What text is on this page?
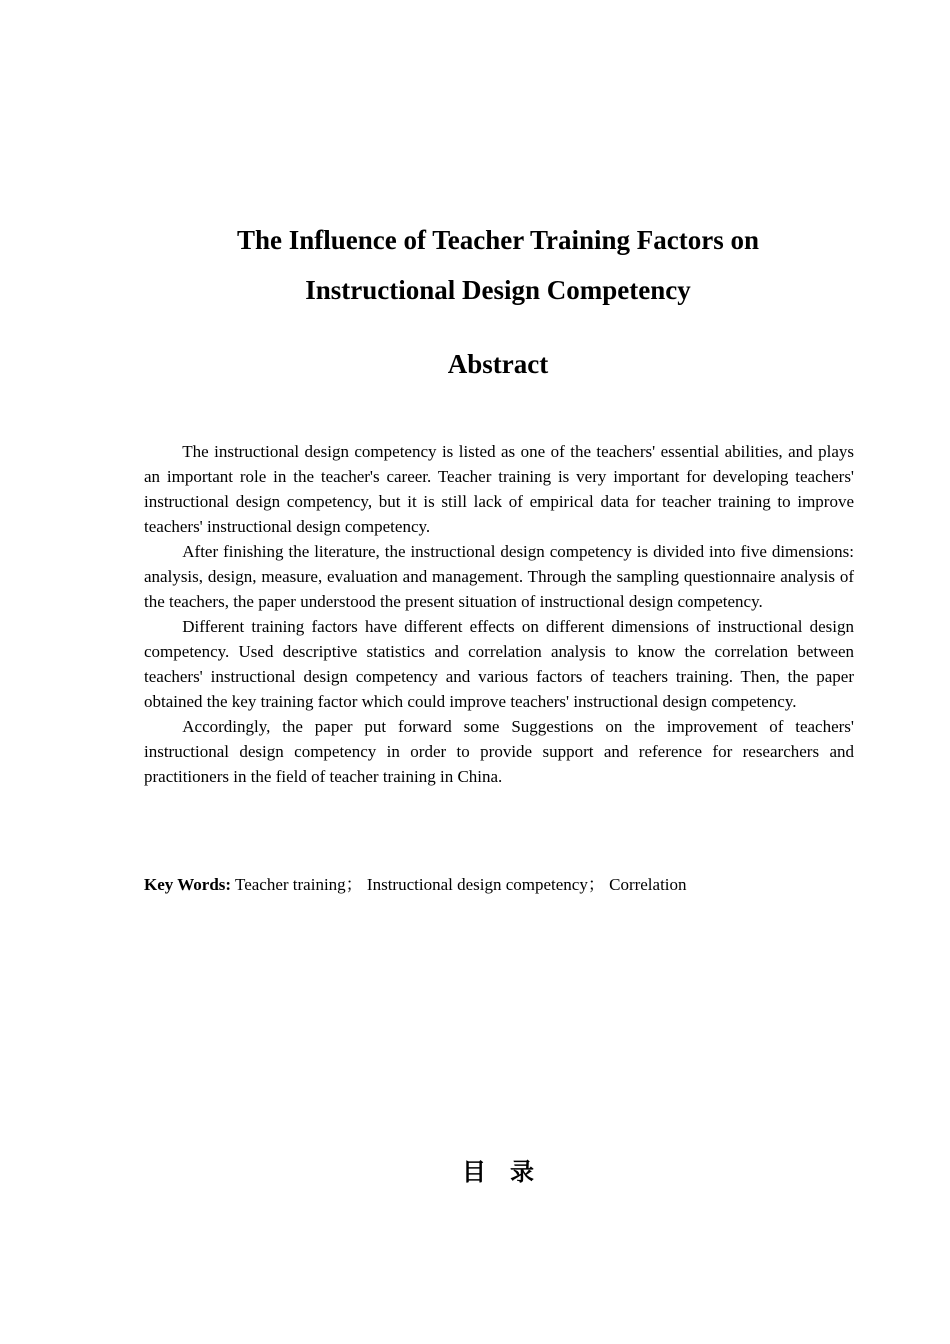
The Influence of Teacher Training Factors on
Instructional Design Competency
Abstract

The instructional design competency is listed as one of the teachers' essential abilities, and plays an important role in the teacher's career. Teacher training is very important for developing teachers' instructional design competency, but it is still lack of empirical data for teacher training to improve teachers' instructional design competency.

After finishing the literature, the instructional design competency is divided into five dimensions: analysis, design, measure, evaluation and management. Through the sampling questionnaire analysis of the teachers, the paper understood the present situation of instructional design competency.

Different training factors have different effects on different dimensions of instructional design competency. Used descriptive statistics and correlation analysis to know the correlation between teachers' instructional design competency and various factors of teachers training. Then, the paper obtained the key training factor which could improve teachers' instructional design competency.

Accordingly, the paper put forward some Suggestions on the improvement of teachers' instructional design competency in order to provide support and reference for researchers and practitioners in the field of teacher training in China.

Key Words: Teacher training； Instructional design competency； Correlation

目　录
